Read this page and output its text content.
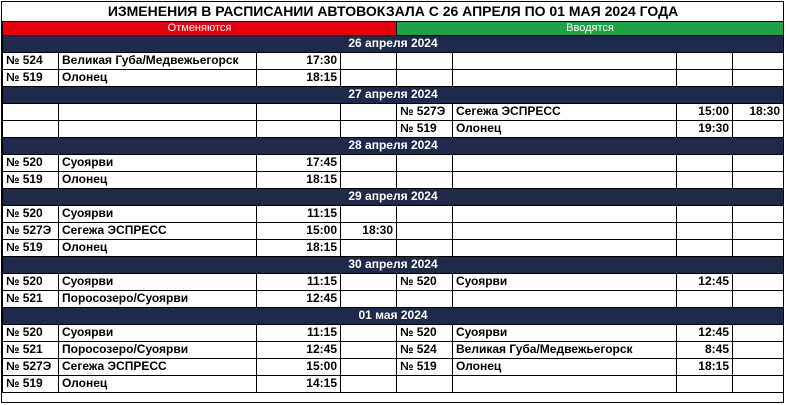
ИЗМЕНЕНИЯ В РАСПИСАНИИ АВТОВОКЗАЛА С 26 АПРЕЛЯ ПО 01 МАЯ 2024 ГОДА							
Отменяются				Вводятся			
26 апреля 2024							
№ 524	Великая Губа/Медвежьегорск	17:30					
№ 519	Олонец	18:15					
27 апреля 2024							
				№ 527Э	Сегежа ЭСПРЕСС	15:00	18:30
				№ 519	Олонец	19:30	
28 апреля 2024							
№ 520	Суоярви	17:45					
№ 519	Олонец	18:15					
29 апреля 2024							
№ 520	Суоярви	11:15					
№ 527Э	Сегежа ЭСПРЕСС	15:00	18:30				
№ 519	Олонец	18:15					
30 апреля 2024							
№ 520	Суоярви	11:15		№ 520	Суоярви	12:45	
№ 521	Поросозеро/Суоярви	12:45					
01 мая 2024							
№ 520	Суоярви	11:15		№ 520	Суоярви	12:45	
№ 521	Поросозеро/Суоярви	12:45		№ 524	Великая Губа/Медвежьегорск	8:45	
№ 527Э	Сегежа ЭСПРЕСС	15:00		№ 519	Олонец	18:15	
№ 519	Олонец	14:15					
